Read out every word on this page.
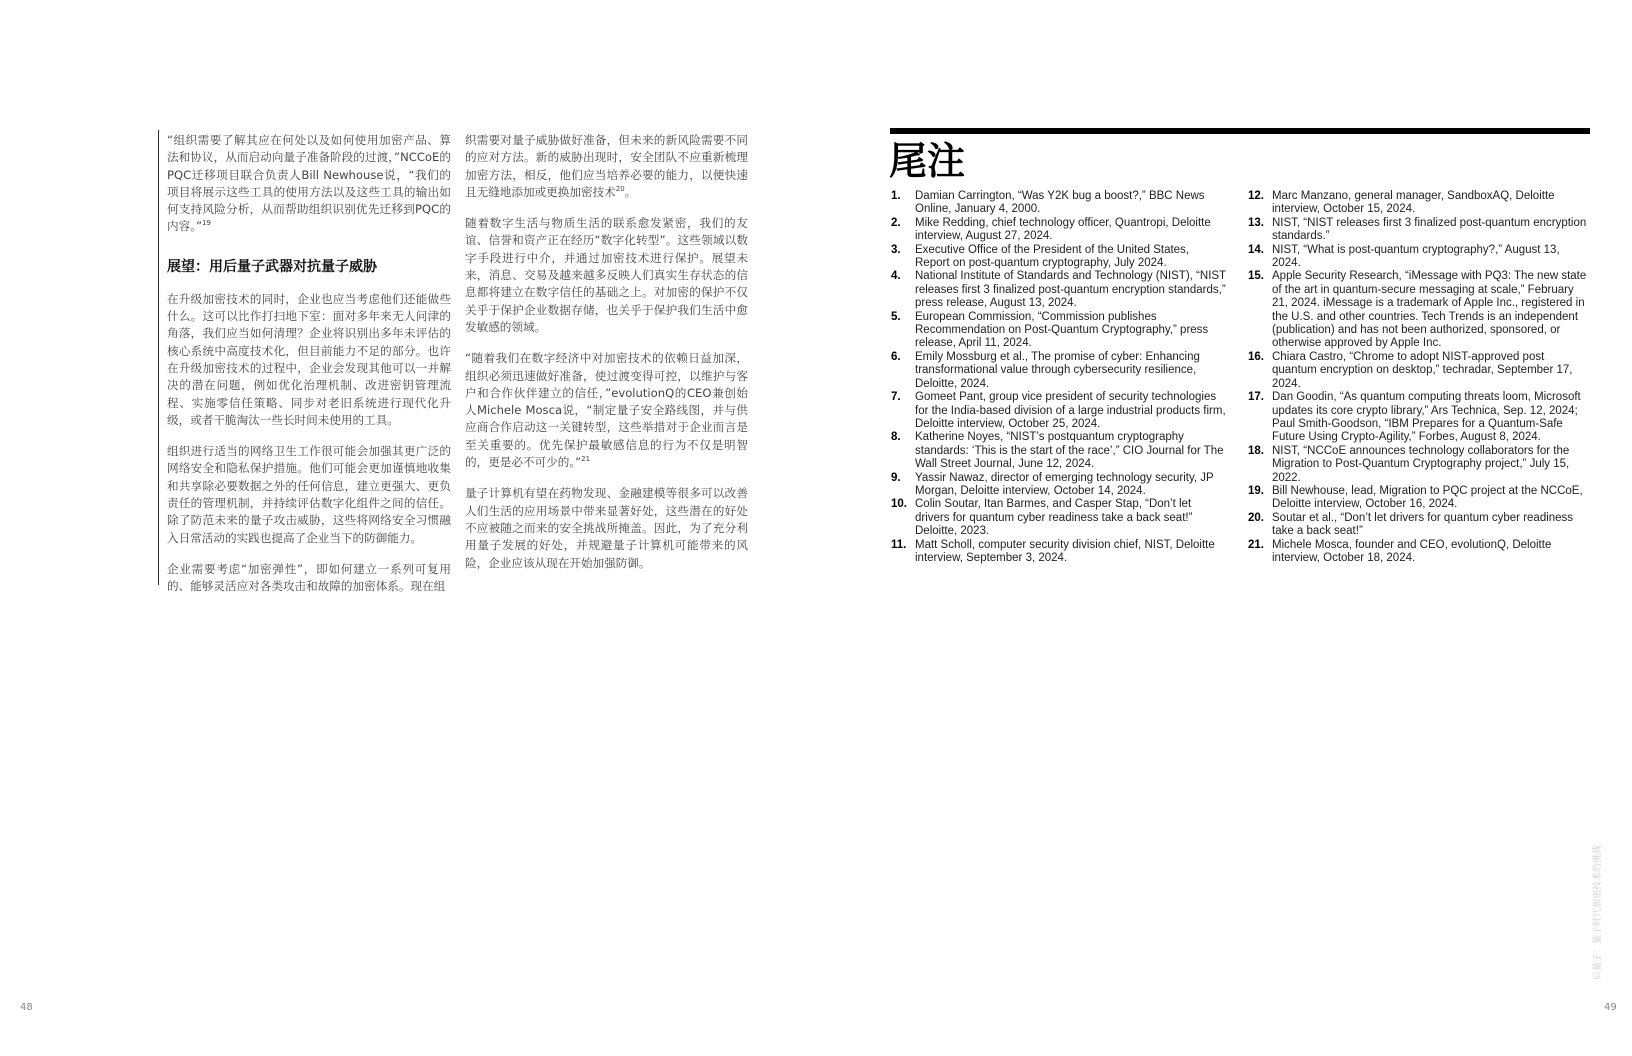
“组织需要了解其应在何处以及如何使用加密产品、算法和协议，从而启动向量子准备阶段的过渡，”NCCoE的PQC迁移项目联合负责人Bill Newhouse说，“我们的项目将展示这些工具的使用方法以及这些工具的输出如何支持风险分析，从而帮助组织识别优先迁移到PQC的内容。”$^{19}$

展望：用后量子武器对抗量子威胁

在升级加密技术的同时，企业也应当考虑他们还能做些什么。这可以比作打扫地下室：面对多年来无人问津的角落，我们应当如何清理？企业将识别出多年未评估的核心系统中高度技术化，但目前能力不足的部分。也许在升级加密技术的过程中，企业会发现其他可以一并解决的潜在问题，例如优化治理机制、改进密钥管理流程、实施零信任策略、同步对老旧系统进行现代化升级，或者干脆淘汰一些长时间未使用的工具。

组织进行适当的网络卫生工作很可能会加强其更广泛的网络安全和隐私保护措施。他们可能会更加谨慎地收集和共享除必要数据之外的任何信息，建立更强大、更负责任的管理机制，并持续评估数字化组件之间的信任。除了防范未来的量子攻击威胁，这些将网络安全习惯融入日常活动的实践也提高了企业当下的防御能力。

企业需要考虑“加密弹性”，即如何建立一系列可复用的、能够灵活应对各类攻击和故障的加密体系。现在组

织需要对量子威胁做好准备，但未来的新风险需要不同的应对方法。新的威胁出现时，安全团队不应重新梳理加密方法，相反，他们应当培养必要的能力，以便快速且无缝地添加或更换加密技术$^{20}$。

随着数字生活与物质生活的联系愈发紧密，我们的友谊、信誉和资产正在经历“数字化转型”。这些领域以数字手段进行中介，并通过加密技术进行保护。展望未来，消息、交易及越来越多反映人们真实生存状态的信息都将建立在数字信任的基础之上。对加密的保护不仅关乎于保护企业数据存储，也关乎于保护我们生活中愈发敏感的领域。

“随着我们在数字经济中对加密技术的依赖日益加深，组织必须迅速做好准备，使过渡变得可控，以维护与客户和合作伙伴建立的信任，”evolutionQ的CEO兼创始人Michele Mosca说，“制定量子安全路线图，并与供应商合作启动这一关键转型，这些举措对于企业而言是至关重要的。优先保护最敏感信息的行为不仅是明智的，更是必不可少的。”$^{21}$

量子计算机有望在药物发现、金融建模等很多可以改善人们生活的应用场景中带来显著好处，这些潜在的好处不应被随之而来的安全挑战所掩盖。因此，为了充分利用量子发展的好处，并规避量子计算机可能带来的风险，企业应该从现在开始加强防御。

48
尾注
1. Damian Carrington, “Was Y2K bug a boost?,” BBC News Online, January 4, 2000.
2. Mike Redding, chief technology officer, Quantropi, Deloitte interview, August 27, 2024.
3. Executive Office of the President of the United States, Report on post-quantum cryptography, July 2024.
4. National Institute of Standards and Technology (NIST), “NIST releases first 3 finalized post-quantum encryption standards,” press release, August 13, 2024.
5. European Commission, “Commission publishes Recommendation on Post-Quantum Cryptography,” press release, April 11, 2024.
6. Emily Mossburg et al., The promise of cyber: Enhancing transformational value through cybersecurity resilience, Deloitte, 2024.
7. Gomeet Pant, group vice president of security technologies for the India-based division of a large industrial products firm, Deloitte interview, October 25, 2024.
8. Katherine Noyes, “NIST’s postquantum cryptography standards: ‘This is the start of the race’,” CIO Journal for The Wall Street Journal, June 12, 2024.
9. Yassir Nawaz, director of emerging technology security, JP Morgan, Deloitte interview, October 14, 2024.
10. Colin Soutar, Itan Barmes, and Casper Stap, “Don’t let drivers for quantum cyber readiness take a back seat!” Deloitte, 2023.
11. Matt Scholl, computer security division chief, NIST, Deloitte interview, September 3, 2024.
12. Marc Manzano, general manager, SandboxAQ, Deloitte interview, October 15, 2024.
13. NIST, “NIST releases first 3 finalized post-quantum encryption standards.”
14. NIST, “What is post-quantum cryptography?,” August 13, 2024.
15. Apple Security Research, “iMessage with PQ3: The new state of the art in quantum-secure messaging at scale,” February 21, 2024. iMessage is a trademark of Apple Inc., registered in the U.S. and other countries. Tech Trends is an independent (publication) and has not been authorized, sponsored, or otherwise approved by Apple Inc.
16. Chiara Castro, “Chrome to adopt NIST-approved post quantum encryption on desktop,” techradar, September 17, 2024.
17. Dan Goodin, “As quantum computing threats loom, Microsoft updates its core crypto library,” Ars Technica, Sep. 12, 2024; Paul Smith-Goodson, “IBM Prepares for a Quantum-Safe Future Using Crypto-Agility,” Forbes, August 8, 2024.
18. NIST, “NCCoE announces technology collaborators for the Migration to Post-Quantum Cryptography project,” July 15, 2022.
19. Bill Newhouse, lead, Migration to PQC project at the NCCoE, Deloitte interview, October 16, 2024.
20. Soutar et al., “Don’t let drivers for quantum cyber readiness take a back seat!”
21. Michele Mosca, founder and CEO, evolutionQ, Deloitte interview, October 18, 2024.
后量子：量子时代加密技术的挑战
49
